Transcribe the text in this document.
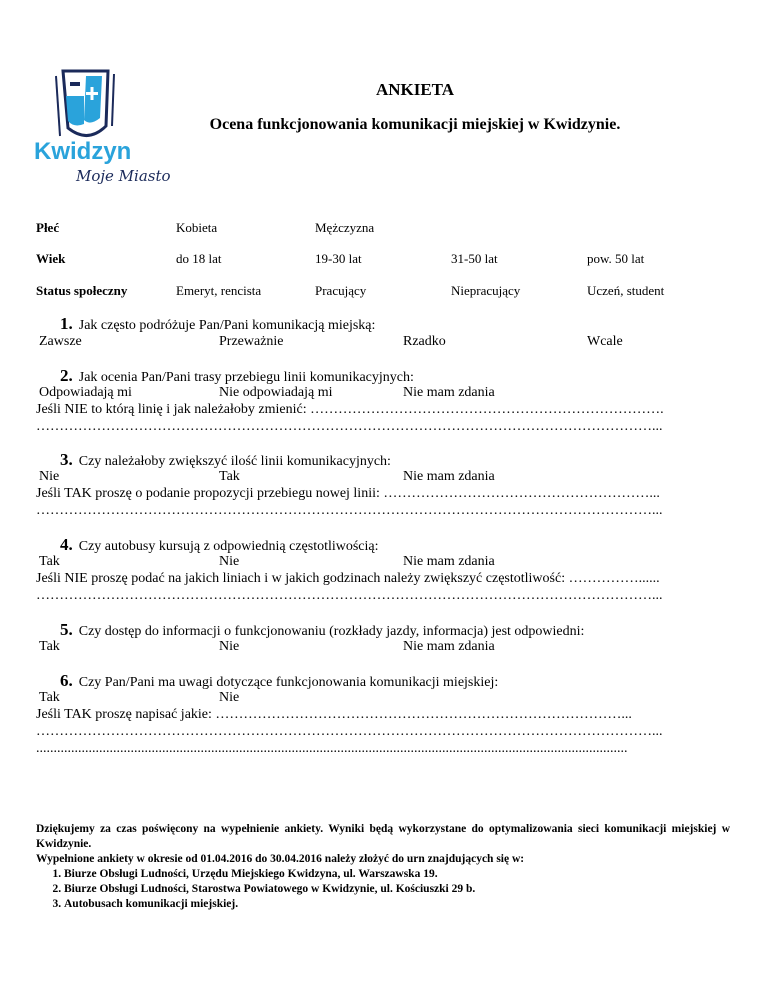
Kwidzyn
Moje Miasto
ANKIETA
Ocena funkcjonowania komunikacji miejskiej w Kwidzynie.
Płeć	Kobieta	Mężczyzna
Wiek	do 18 lat	19-30 lat	31-50 lat	pow. 50 lat
Status społeczny	Emeryt, rencista	Pracujący	Niepracujący	Uczeń, student
1. Jak często podróżuje Pan/Pani komunikacją miejską:
Zawsze	Przeważnie	Rzadko	Wcale
2. Jak ocenia Pan/Pani trasy przebiegu linii komunikacyjnych:
Odpowiadają mi	Nie odpowiadają mi	Nie mam zdania
Jeśli NIE to którą linię i jak należałoby zmienić: ………………………………………………………………….
……………………………………………………………………………………………………………………...
3. Czy należałoby zwiększyć ilość linii komunikacyjnych:
Nie	Tak	Nie mam zdania
Jeśli TAK proszę o podanie propozycji przebiegu nowej linii: …………………………………………………...
……………………………………………………………………………………………………………………...
4. Czy autobusy kursują z odpowiednią częstotliwością:
Tak	Nie	Nie mam zdania
Jeśli NIE proszę podać na jakich liniach i w jakich godzinach należy zwiększyć częstotliwość: ……………......
……………………………………………………………………………………………………………………...
5. Czy dostęp do informacji o funkcjonowaniu (rozkłady jazdy, informacja) jest odpowiedni:
Tak	Nie	Nie mam zdania
6. Czy Pan/Pani ma uwagi dotyczące funkcjonowania komunikacji miejskiej:
Tak	Nie
Jeśli TAK proszę napisać jakie: ……………………………………………………………………………...
……………………………………………………………………………………………………………………...
.........................................................................................................................................................................
Dziękujemy za czas poświęcony na wypełnienie ankiety. Wyniki będą wykorzystane do optymalizowania sieci komunikacji miejskiej w Kwidzynie.
Wypełnione ankiety w okresie od 01.04.2016 do 30.04.2016 należy złożyć do urn znajdujących się w:
1. Biurze Obsługi Ludności, Urzędu Miejskiego Kwidzyna, ul. Warszawska 19.
2. Biurze Obsługi Ludności, Starostwa Powiatowego w Kwidzynie, ul. Kościuszki 29 b.
3. Autobusach komunikacji miejskiej.
